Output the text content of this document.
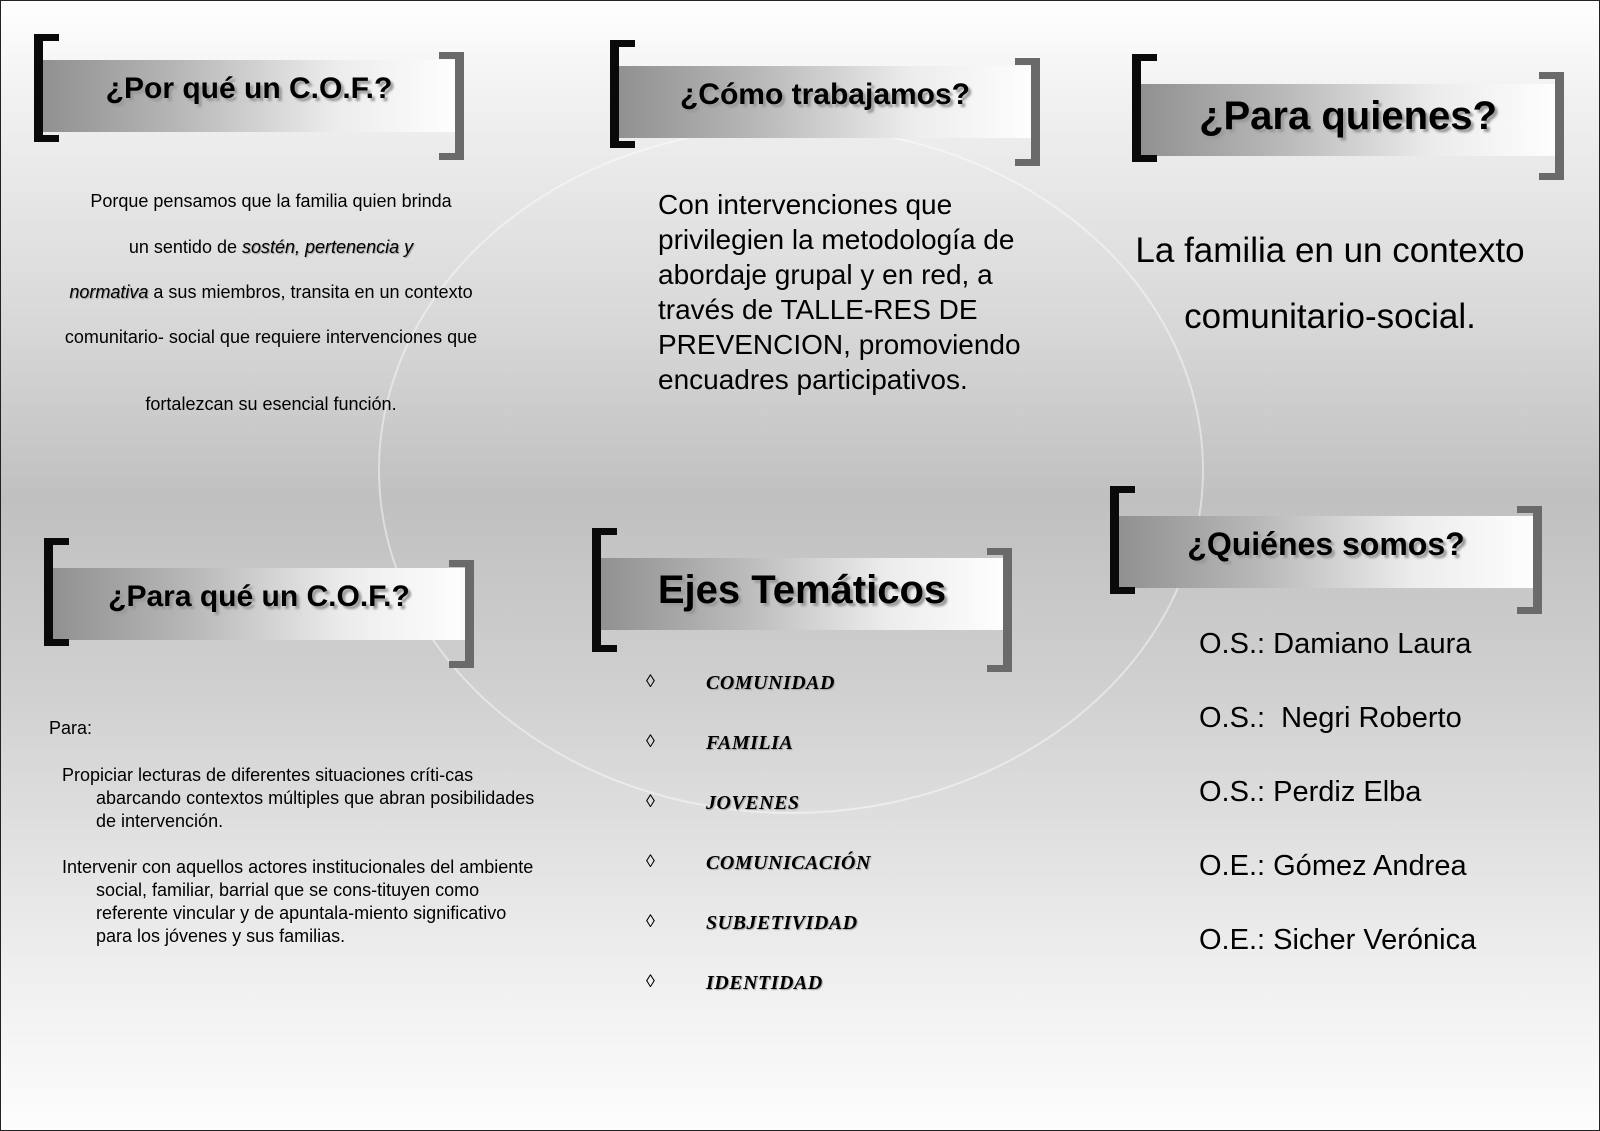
¿Por qué un C.O.F.?

Porque pensamos que la familia quien brinda

un sentido de sostén, pertenencia y

normativa a sus miembros, transita en un contexto

comunitario- social que requiere intervenciones que

fortalezcan su esencial función.

¿Cómo trabajamos?

Con intervenciones que privilegien la metodología de abordaje grupal y en red, a través de TALLE-RES DE PREVENCION, promoviendo encuadres participativos.

¿Para quienes?

La familia en un contexto comunitario-social.

¿Para qué un C.O.F.?

Para:

Propiciar lecturas de diferentes situaciones críti-cas abarcando contextos múltiples que abran posibilidades de intervención.

Intervenir con aquellos actores institucionales del ambiente social, familiar, barrial que se cons-tituyen como referente vincular y de apuntala-miento significativo para los jóvenes y sus familias.

Ejes Temáticos
◊	COMUNIDAD
◊	FAMILIA
◊	JOVENES
◊	COMUNICACIÓN
◊	SUBJETIVIDAD
◊	IDENTIDAD
¿Quiénes somos?
O.S.: Damiano Laura
O.S.:  Negri Roberto
O.S.: Perdiz Elba
O.E.: Gómez Andrea
O.E.: Sicher Verónica
